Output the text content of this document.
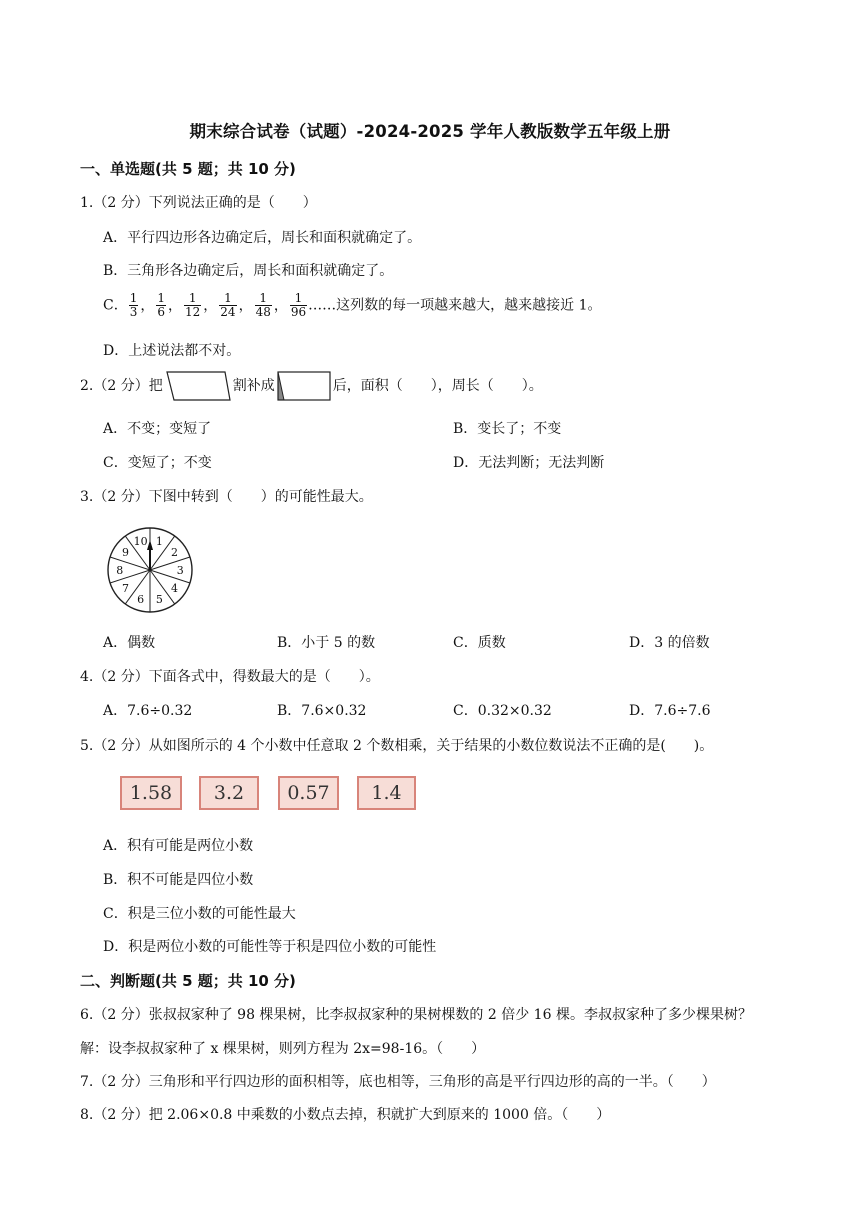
期末综合试卷（试题）-2024-2025 学年人教版数学五年级上册
一、单选题(共 5 题；共 10 分)
1.（2 分）下列说法正确的是（　　）
A．平行四边形各边确定后，周长和面积就确定了。
B．三角形各边确定后，周长和面积就确定了。
C． $\frac{1}{3}$ ， $\frac{1}{6}$ ， $\frac{1}{12}$ ， $\frac{1}{24}$ ， $\frac{1}{48}$ ， $\frac{1}{96}$ ……这列数的每一项越来越大，越来越接近 1。
D．上述说法都不对。
2.（2 分）把	割补成	后，面积（　　），周长（　　）。
A．不变；变短了	B．变长了；不变
C．变短了；不变	D．无法判断；无法判断
3.（2 分）下图中转到（　　）的可能性最大。
1
2
3
4
5
6
7
8
9
10
A．偶数	B．小于 5 的数	C．质数	D．3 的倍数
4.（2 分）下面各式中，得数最大的是（　　）。
A．7.6÷0.32	B．7.6×0.32	C．0.32×0.32	D．7.6÷7.6
5.（2 分）从如图所示的 4 个小数中任意取 2 个数相乘，关于结果的小数位数说法不正确的是(　　)。
1.58	3.2	0.57	1.4
A．积有可能是两位小数
B．积不可能是四位小数
C．积是三位小数的可能性最大
D．积是两位小数的可能性等于积是四位小数的可能性
二、判断题(共 5 题；共 10 分)
6.（2 分）张叔叔家种了 98 棵果树，比李叔叔家种的果树棵数的 2 倍少 16 棵。李叔叔家种了多少棵果树？
解：设李叔叔家种了 x 棵果树，则列方程为 2x=98-16。（　　）
7.（2 分）三角形和平行四边形的面积相等，底也相等，三角形的高是平行四边形的高的一半。（　　）
8.（2 分）把 2.06×0.8 中乘数的小数点去掉，积就扩大到原来的 1000 倍。（　　）
